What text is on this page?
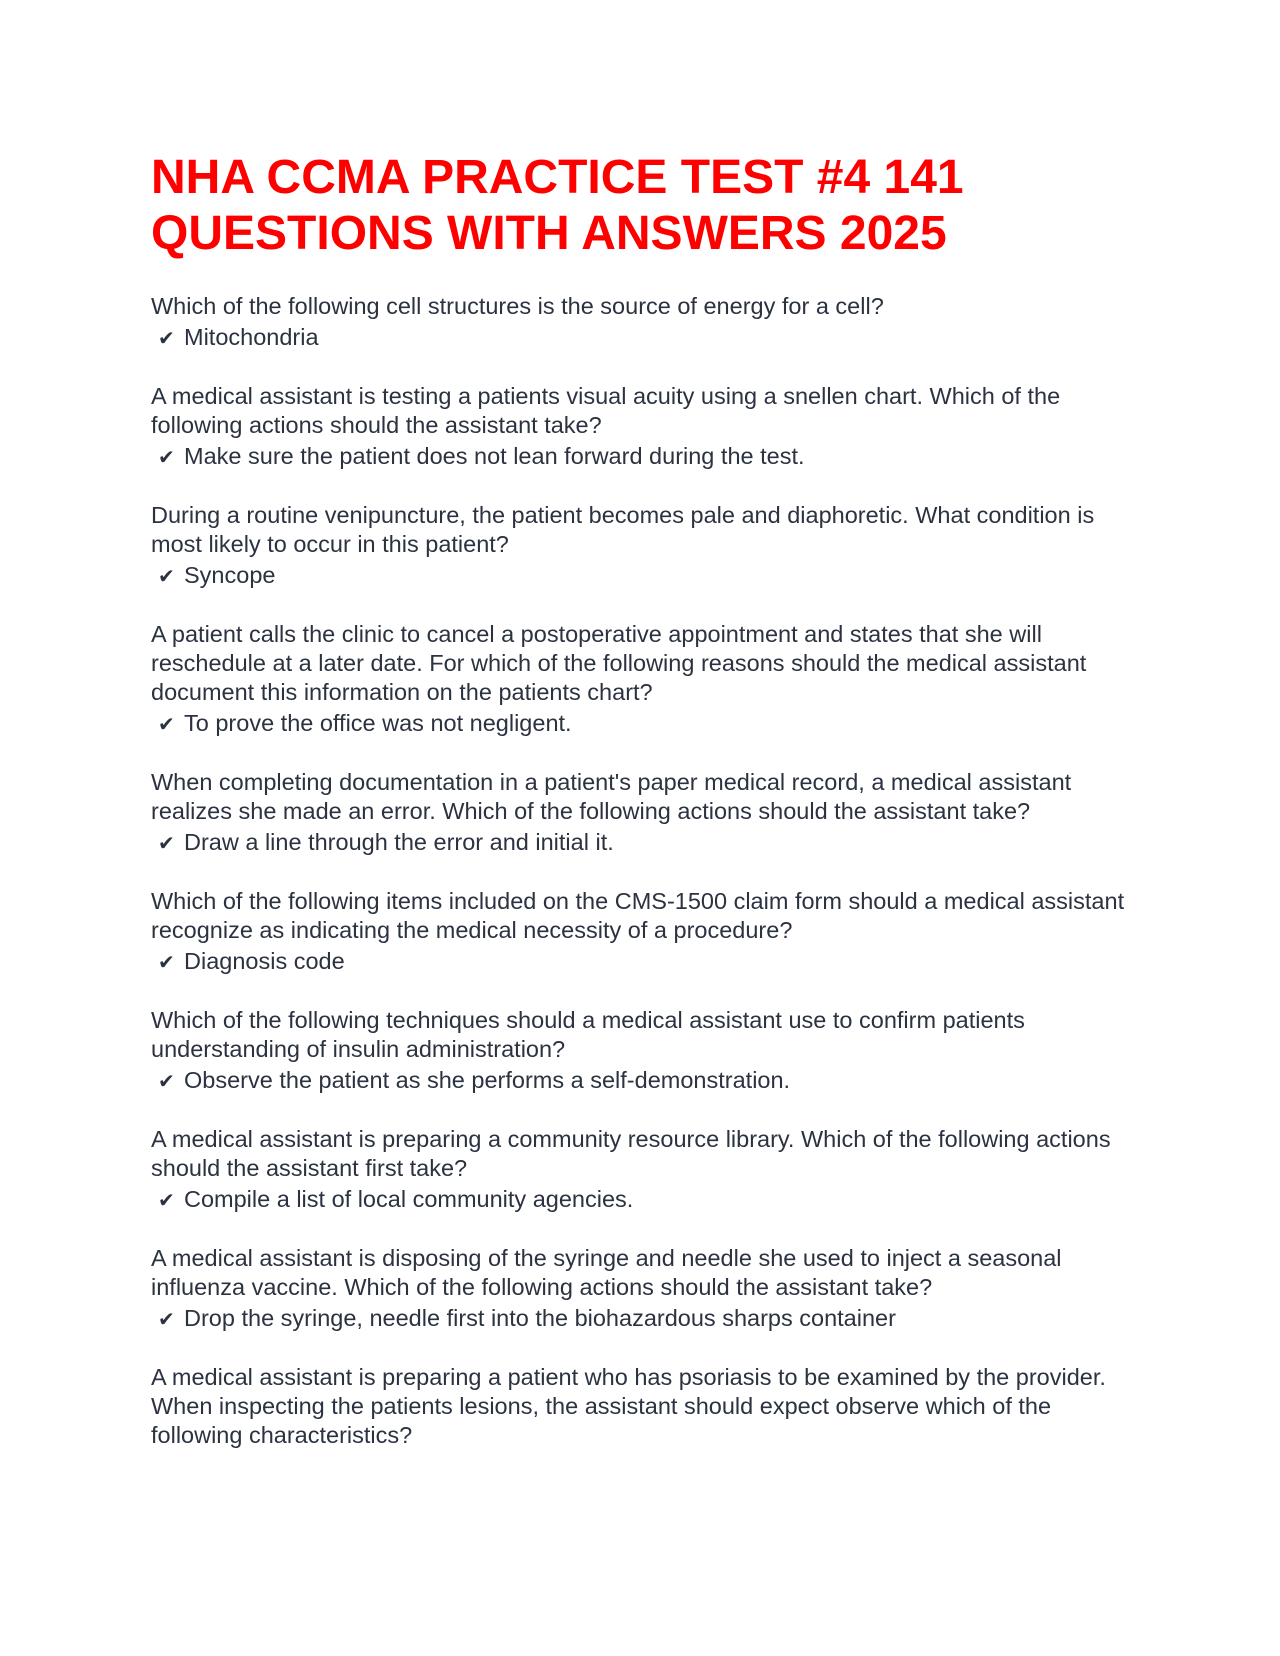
NHA CCMA PRACTICE TEST #4 141 QUESTIONS WITH ANSWERS 2025

Which of the following cell structures is the source of energy for a cell?

✔ Mitochondria

A medical assistant is testing a patients visual acuity using a snellen chart. Which of the following actions should the assistant take?

✔ Make sure the patient does not lean forward during the test.

During a routine venipuncture, the patient becomes pale and diaphoretic. What condition is most likely to occur in this patient?

✔ Syncope

A patient calls the clinic to cancel a postoperative appointment and states that she will reschedule at a later date. For which of the following reasons should the medical assistant document this information on the patients chart?

✔ To prove the office was not negligent.

When completing documentation in a patient's paper medical record, a medical assistant realizes she made an error. Which of the following actions should the assistant take?

✔ Draw a line through the error and initial it.

Which of the following items included on the CMS-1500 claim form should a medical assistant recognize as indicating the medical necessity of a procedure?

✔ Diagnosis code

Which of the following techniques should a medical assistant use to confirm patients understanding of insulin administration?

✔ Observe the patient as she performs a self-demonstration.

A medical assistant is preparing a community resource library. Which of the following actions should the assistant first take?

✔ Compile a list of local community agencies.

A medical assistant is disposing of the syringe and needle she used to inject a seasonal influenza vaccine. Which of the following actions should the assistant take?

✔ Drop the syringe, needle first into the biohazardous sharps container

A medical assistant is preparing a patient who has psoriasis to be examined by the provider. When inspecting the patients lesions, the assistant should expect observe which of the following characteristics?
